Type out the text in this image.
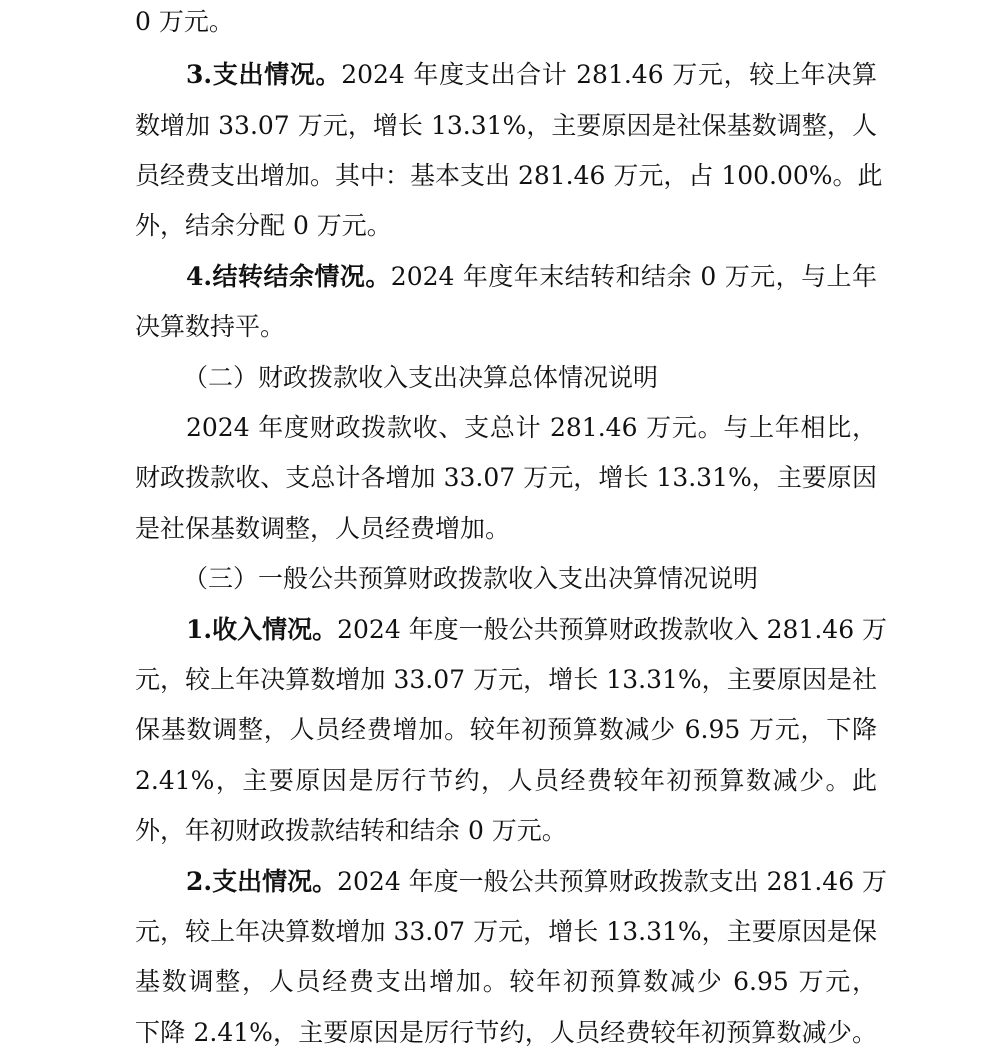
0 万元。
3.支出情况。2024 年度支出合计 281.46 万元，较上年决算
数增加 33.07 万元，增长 13.31%，主要原因是社保基数调整，人
员经费支出增加。其中：基本支出 281.46 万元，占 100.00%。此
外，结余分配 0 万元。
4.结转结余情况。2024 年度年末结转和结余 0 万元，与上年
决算数持平。
（二）财政拨款收入支出决算总体情况说明
2024 年度财政拨款收、支总计 281.46 万元。与上年相比，
财政拨款收、支总计各增加 33.07 万元，增长 13.31%，主要原因
是社保基数调整，人员经费增加。
（三）一般公共预算财政拨款收入支出决算情况说明
1.收入情况。2024 年度一般公共预算财政拨款收入 281.46 万
元，较上年决算数增加 33.07 万元，增长 13.31%，主要原因是社
保基数调整，人员经费增加。较年初预算数减少 6.95 万元，下降
2.41%，主要原因是厉行节约，人员经费较年初预算数减少。此
外，年初财政拨款结转和结余 0 万元。
2.支出情况。2024 年度一般公共预算财政拨款支出 281.46 万
元，较上年决算数增加 33.07 万元，增长 13.31%，主要原因是保
基数调整，人员经费支出增加。较年初预算数减少 6.95 万元，
下降 2.41%，主要原因是厉行节约，人员经费较年初预算数减少。
